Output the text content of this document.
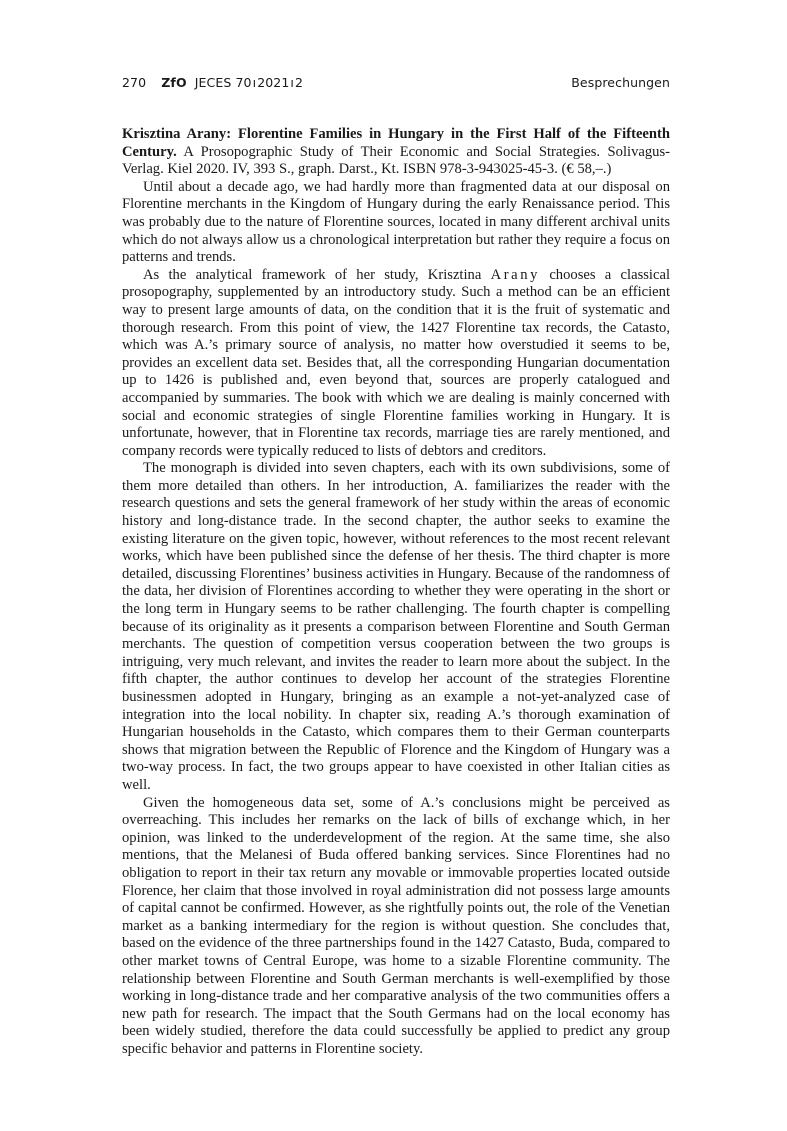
270 ZfO JECES 70ı2021ı2	Besprechungen

Krisztina Arany: Florentine Families in Hungary in the First Half of the Fifteenth Century. A Prosopographic Study of Their Economic and Social Strategies. Solivagus-Verlag. Kiel 2020. IV, 393 S., graph. Darst., Kt. ISBN 978-3-943025-45-3. (€ 58,–.)

Until about a decade ago, we had hardly more than fragmented data at our disposal on Florentine merchants in the Kingdom of Hungary during the early Renaissance period. This was probably due to the nature of Florentine sources, located in many different archival units which do not always allow us a chronological interpretation but rather they require a focus on patterns and trends.

As the analytical framework of her study, Krisztina Arany chooses a classical prosopography, supplemented by an introductory study. Such a method can be an efficient way to present large amounts of data, on the condition that it is the fruit of systematic and thorough research. From this point of view, the 1427 Florentine tax records, the Catasto, which was A.’s primary source of analysis, no matter how overstudied it seems to be, provides an excellent data set. Besides that, all the corresponding Hungarian documentation up to 1426 is published and, even beyond that, sources are properly catalogued and accompanied by summaries. The book with which we are dealing is mainly concerned with social and economic strategies of single Florentine families working in Hungary. It is unfortunate, however, that in Florentine tax records, marriage ties are rarely mentioned, and company records were typically reduced to lists of debtors and creditors.

The monograph is divided into seven chapters, each with its own subdivisions, some of them more detailed than others. In her introduction, A. familiarizes the reader with the research questions and sets the general framework of her study within the areas of economic history and long-distance trade. In the second chapter, the author seeks to examine the existing literature on the given topic, however, without references to the most recent relevant works, which have been published since the defense of her thesis. The third chapter is more detailed, discussing Florentines’ business activities in Hungary. Because of the randomness of the data, her division of Florentines according to whether they were operating in the short or the long term in Hungary seems to be rather challenging. The fourth chapter is compelling because of its originality as it presents a comparison between Florentine and South German merchants. The question of competition versus cooperation between the two groups is intriguing, very much relevant, and invites the reader to learn more about the subject. In the fifth chapter, the author continues to develop her account of the strategies Florentine businessmen adopted in Hungary, bringing as an example a not-yet-analyzed case of integration into the local nobility. In chapter six, reading A.’s thorough examination of Hungarian households in the Catasto, which compares them to their German counterparts shows that migration between the Republic of Florence and the Kingdom of Hungary was a two-way process. In fact, the two groups appear to have coexisted in other Italian cities as well.

Given the homogeneous data set, some of A.’s conclusions might be perceived as overreaching. This includes her remarks on the lack of bills of exchange which, in her opinion, was linked to the underdevelopment of the region. At the same time, she also mentions, that the Melanesi of Buda offered banking services. Since Florentines had no obligation to report in their tax return any movable or immovable properties located outside Florence, her claim that those involved in royal administration did not possess large amounts of capital cannot be confirmed. However, as she rightfully points out, the role of the Venetian market as a banking intermediary for the region is without question. She concludes that, based on the evidence of the three partnerships found in the 1427 Catasto, Buda, compared to other market towns of Central Europe, was home to a sizable Florentine community. The relationship between Florentine and South German merchants is well-exemplified by those working in long-distance trade and her comparative analysis of the two communities offers a new path for research. The impact that the South Germans had on the local economy has been widely studied, therefore the data could successfully be applied to predict any group specific behavior and patterns in Florentine society.
